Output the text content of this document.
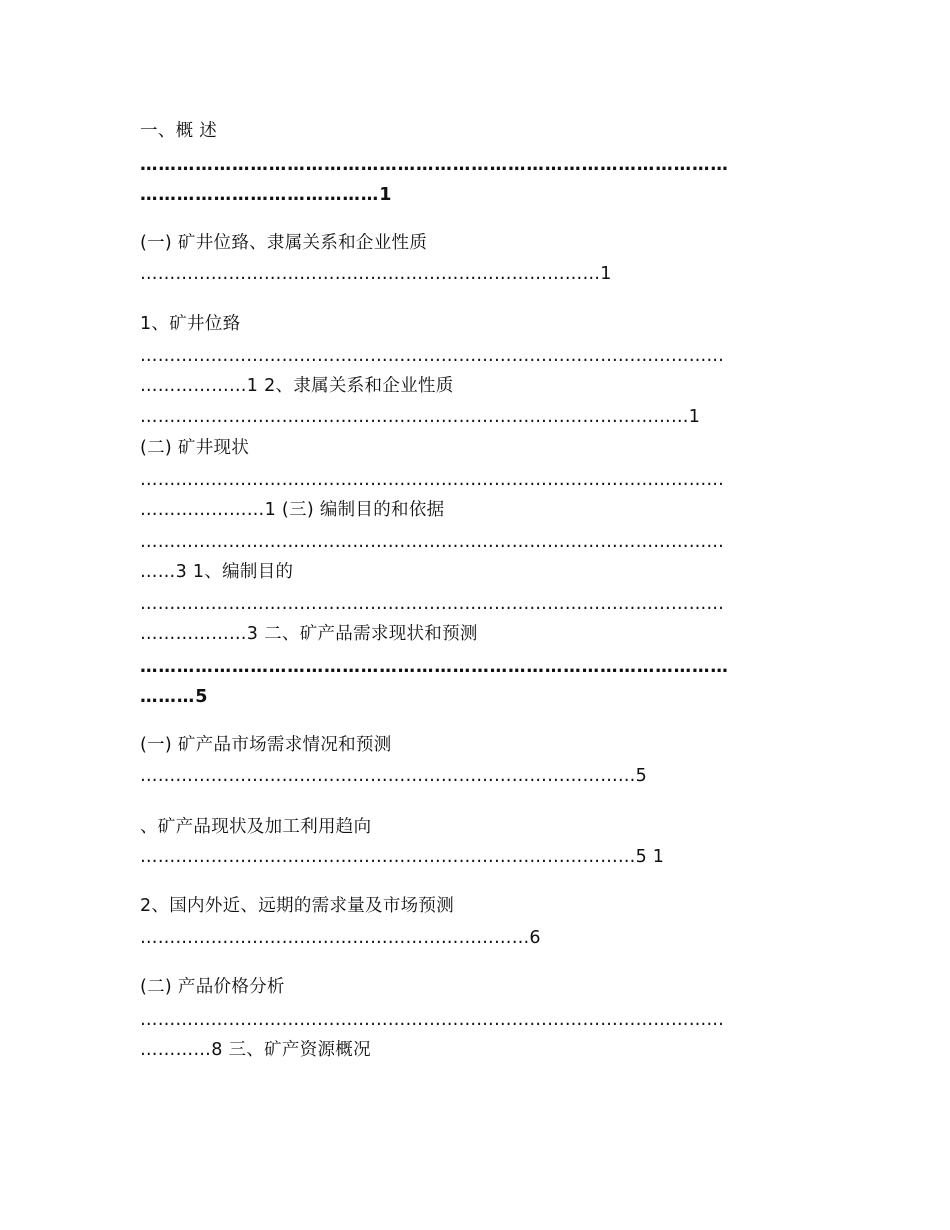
一、概 述
……………………………………………………………………………………
…………………………………1
(一) 矿井位臵、隶属关系和企业性质
……………………………………………………………………1
1、矿井位臵
………………………………………………………………………………………
………………1 2、隶属关系和企业性质
…………………………………………………………………………………1
(二) 矿井现状
………………………………………………………………………………………
…………………1 (三) 编制目的和依据
………………………………………………………………………………………
……3 1、编制目的
………………………………………………………………………………………
………………3 二、矿产品需求现状和预测
……………………………………………………………………………………
………5
(一) 矿产品市场需求情况和预测
…………………………………………………………………………5
、矿产品现状及加工利用趋向
…………………………………………………………………………5 1
2、国内外近、远期的需求量及市场预测
…………………………………………………………6
(二) 产品价格分析
………………………………………………………………………………………
…………8 三、矿产资源概况
